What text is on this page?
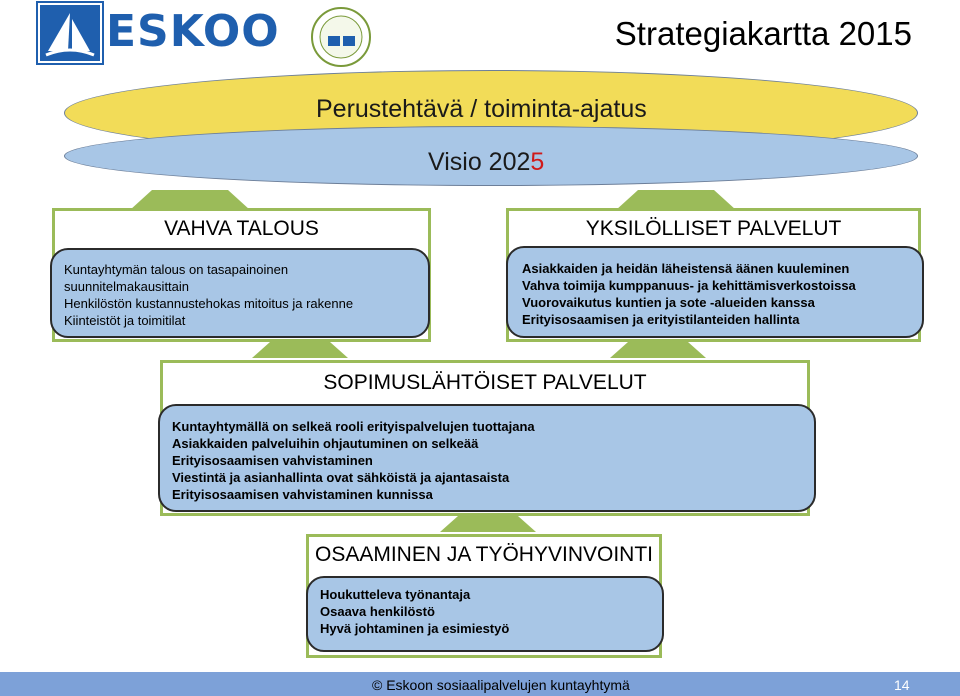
ESKOO	Strategiakartta 2015
Perustehtävä / toiminta-ajatus
Visio 2025
VAHVA TALOUS
Kuntayhtymän talous on tasapainoinen
suunnitelmakausittain
Henkilöstön kustannustehokas mitoitus ja rakenne
Kiinteistöt ja toimitilat
YKSILÖLLISET PALVELUT
Asiakkaiden ja heidän läheistensä äänen kuuleminen
Vahva toimija kumppanuus- ja kehittämisverkostoissa
Vuorovaikutus kuntien ja sote -alueiden kanssa
Erityisosaamisen ja erityistilanteiden hallinta
SOPIMUSLÄHTÖISET PALVELUT
Kuntayhtymällä on selkeä rooli erityispalvelujen tuottajana
Asiakkaiden palveluihin ohjautuminen on selkeää
Erityisosaamisen vahvistaminen
Viestintä ja asianhallinta ovat sähköistä ja ajantasaista
Erityisosaamisen vahvistaminen kunnissa
OSAAMINEN JA TYÖHYVINVOINTI
Houkutteleva työnantaja
Osaava henkilöstö
Hyvä johtaminen ja esimiestyö
© Eskoon sosiaalipalvelujen kuntayhtymä	14
